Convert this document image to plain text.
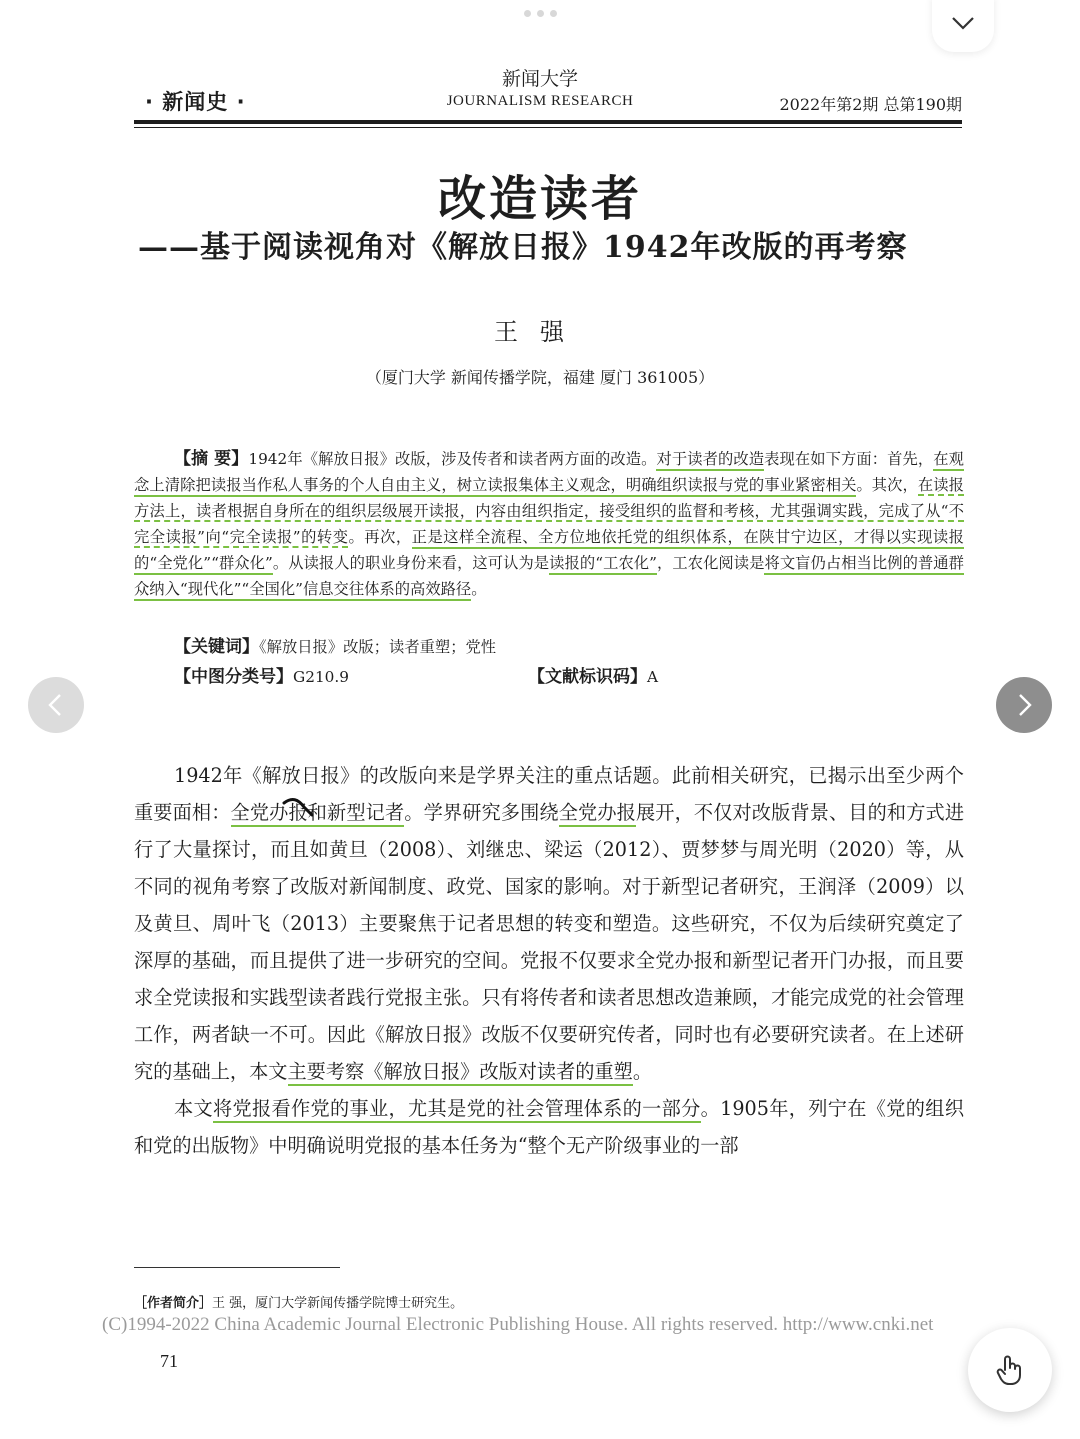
· 新闻史 ·
新闻大学
JOURNALISM RESEARCH	2022年第2期 总第190期
改造读者
——基于阅读视角对《解放日报》1942年改版的再考察
王强
（厦门大学 新闻传播学院，福建 厦门 361005）
【摘 要】1942年《解放日报》改版，涉及传者和读者两方面的改造。对于读者的改造表现在如下方面：首先，在观念上清除把读报当作私人事务的个人自由主义，树立读报集体主义观念，明确组织读报与党的事业紧密相关。其次，在读报方法上，读者根据自身所在的组织层级展开读报，内容由组织指定，接受组织的监督和考核，尤其强调实践，完成了从“不完全读报”向“完全读报”的转变。再次，正是这样全流程、全方位地依托党的组织体系，在陕甘宁边区，才得以实现读报的“全党化”“群众化”。从读报人的职业身份来看，这可认为是读报的“工农化”，工农化阅读是将文盲仍占相当比例的普通群众纳入“现代化”“全国化”信息交往体系的高效路径。
【关键词】《解放日报》改版；读者重塑；党性
【中图分类号】G210.9	【文献标识码】A

1942年《解放日报》的改版向来是学界关注的重点话题。此前相关研究，已揭示出至少两个重要面相：全党办报和新型记者。学界研究多围绕全党办报展开，不仅对改版背景、目的和方式进行了大量探讨，而且如黄旦（2008）、刘继忠、梁运（2012）、贾梦梦与周光明（2020）等，从不同的视角考察了改版对新闻制度、政党、国家的影响。对于新型记者研究，王润泽（2009）以及黄旦、周叶飞（2013）主要聚焦于记者思想的转变和塑造。这些研究，不仅为后续研究奠定了深厚的基础，而且提供了进一步研究的空间。党报不仅要求全党办报和新型记者开门办报，而且要求全党读报和实践型读者践行党报主张。只有将传者和读者思想改造兼顾，才能完成党的社会管理工作，两者缺一不可。因此《解放日报》改版不仅要研究传者，同时也有必要研究读者。在上述研究的基础上，本文主要考察《解放日报》改版对读者的重塑。

本文将党报看作党的事业，尤其是党的社会管理体系的一部分。1905年，列宁在《党的组织和党的出版物》中明确说明党报的基本任务为“整个无产阶级事业的一部

［作者简介］王 强，厦门大学新闻传播学院博士研究生。
(C)1994-2022 China Academic Journal Electronic Publishing House. All rights reserved. http://www.cnki.net
71
